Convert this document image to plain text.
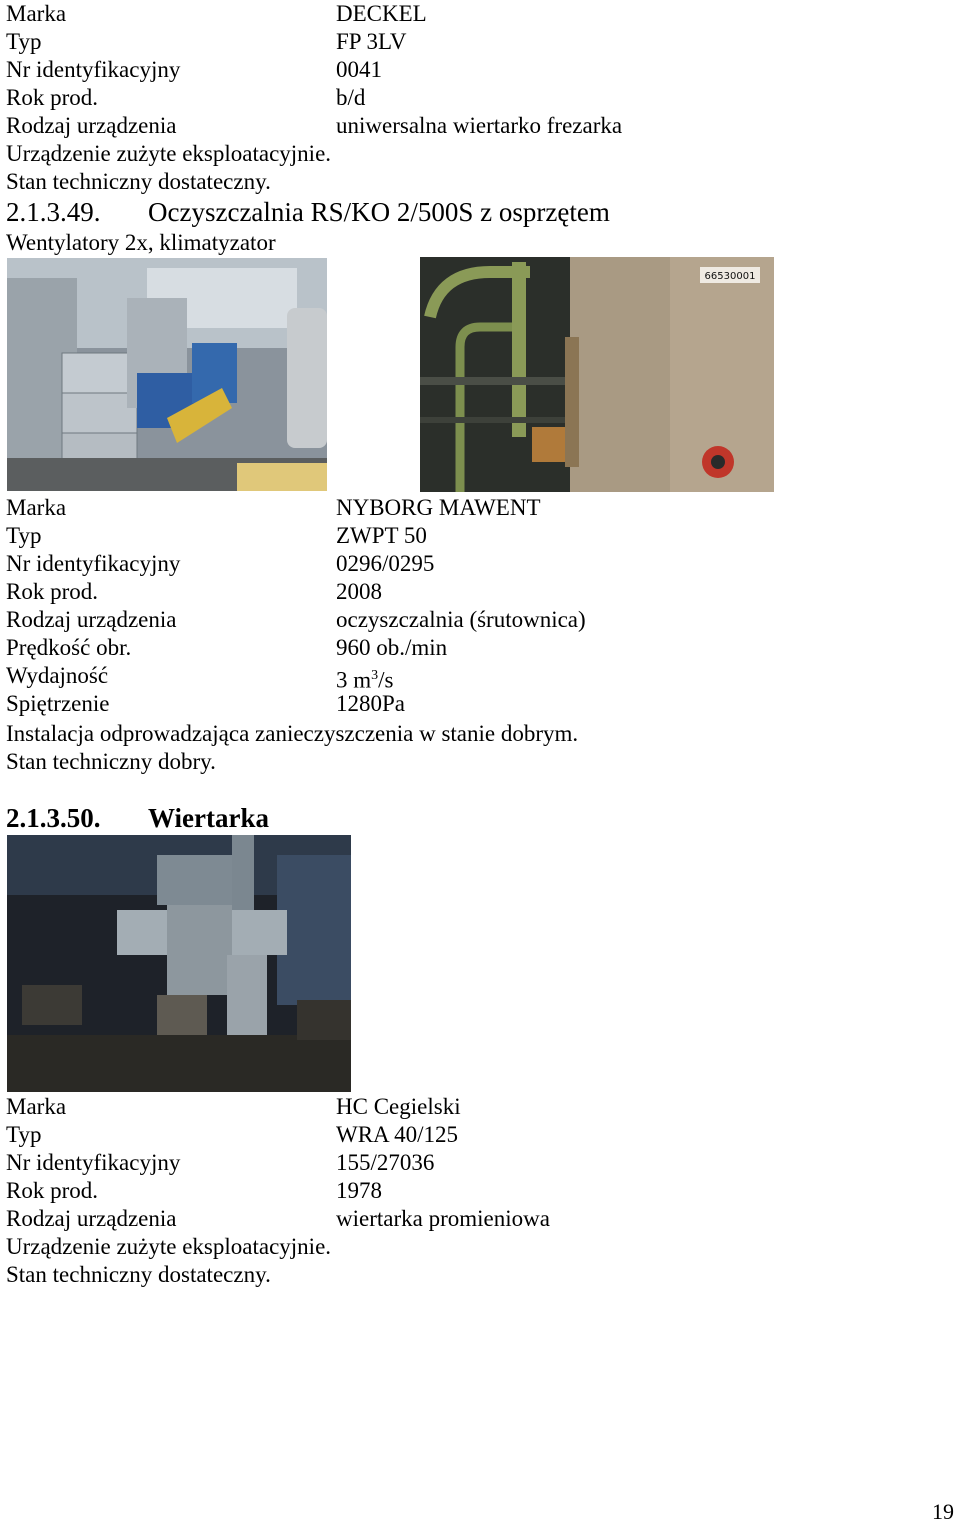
Marka	DECKEL
Typ	FP 3LV
Nr identyfikacyjny	0041
Rok prod.	b/d
Rodzaj urządzenia	uniwersalna wiertarko frezarka
Urządzenie zużyte eksploatacyjnie.
Stan techniczny dostateczny.
2.1.3.49. Oczyszczalnia RS/KO 2/500S z osprzętem
Wentylatory 2x, klimatyzator
66530001
Marka	NYBORG MAWENT
Typ	ZWPT 50
Nr identyfikacyjny	0296/0295
Rok prod.	2008
Rodzaj urządzenia	oczyszczalnia (śrutownica)
Prędkość obr.	960 ob./min
Wydajność	3 $m^3/s$
Spiętrzenie	1280Pa
Instalacja odprowadzająca zanieczyszczenia w stanie dobrym.
Stan techniczny dobry.
2.1.3.50. Wiertarka
Marka	HC Cegielski
Typ	WRA 40/125
Nr identyfikacyjny	155/27036
Rok prod.	1978
Rodzaj urządzenia	wiertarka promieniowa
Urządzenie zużyte eksploatacyjnie.
Stan techniczny dostateczny.
19
